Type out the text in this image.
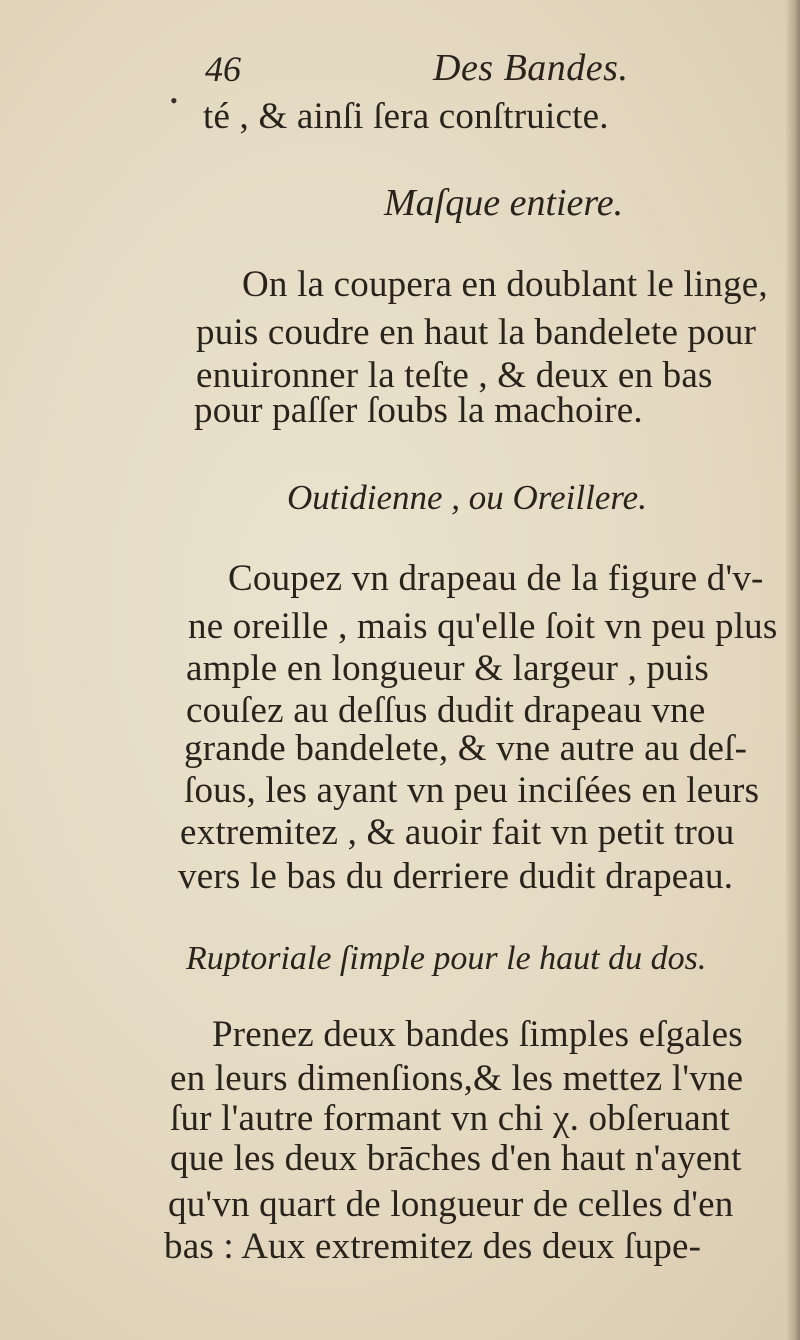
46	Des Bandes.
• té , & ainſi ſera conſtruicte.
Maſque entiere.
On la coupera en doublant le linge,
puis coudre en haut la bandelete pour
enuironner la teſte , & deux en bas
pour paſſer ſoubs la machoire.
Outidienne , ou Oreillere.
Coupez vn drapeau de la figure d'v-
ne oreille , mais qu'elle ſoit vn peu plus
ample en longueur & largeur , puis
couſez au deſſus dudit drapeau vne
grande bandelete, & vne autre au deſ-
ſous, les ayant vn peu inciſées en leurs
extremitez , & auoir fait vn petit trou
vers le bas du derriere dudit drapeau.
Ruptoriale ſimple pour le haut du dos.
Prenez deux bandes ſimples eſgales
en leurs dimenſions,& les mettez l'vne
ſur l'autre formant vn chi χ. obſeruant
que les deux brāches d'en haut n'ayent
qu'vn quart de longueur de celles d'en
bas : Aux extremitez des deux ſupe-
